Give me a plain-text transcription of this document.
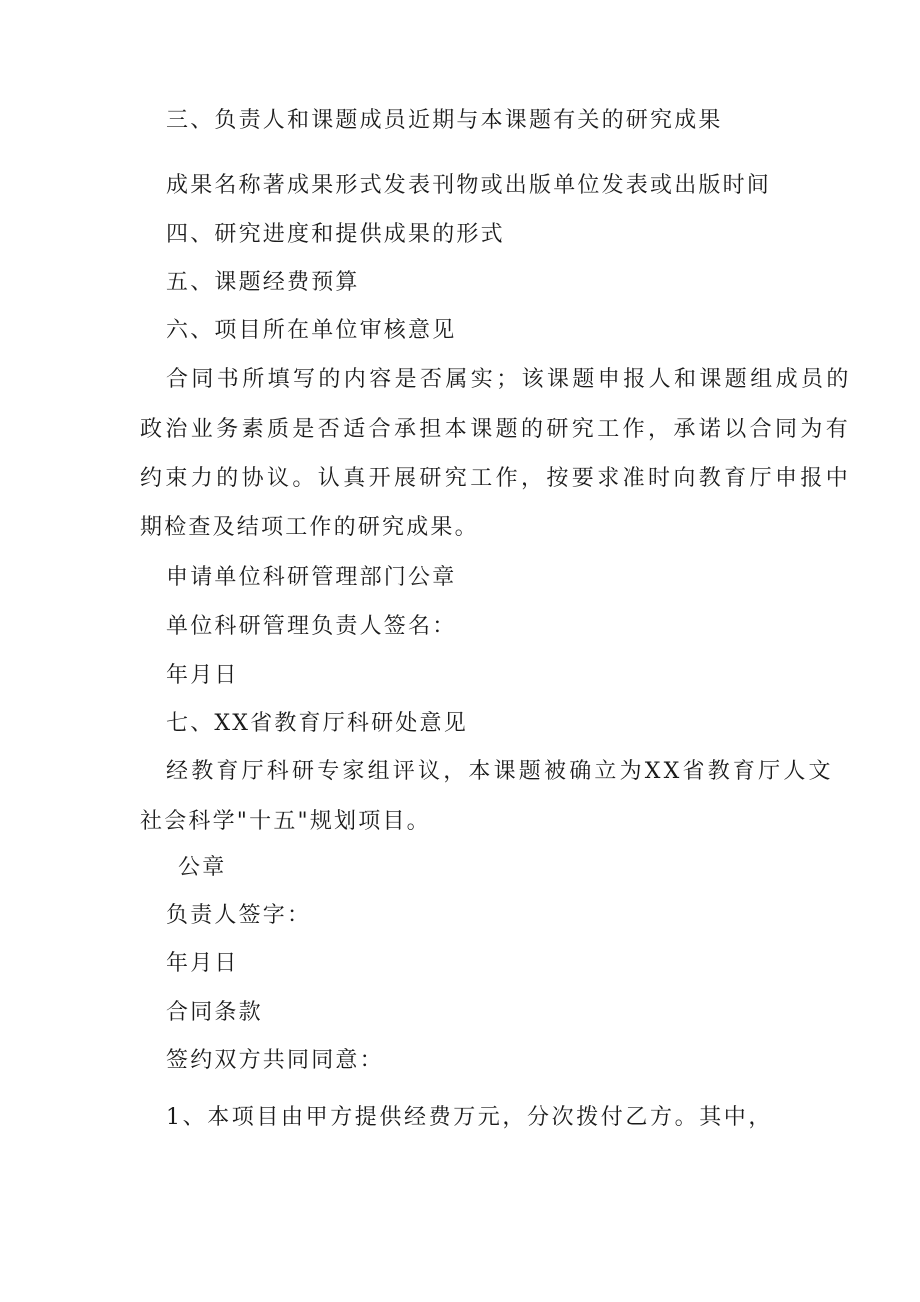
三、负责人和课题成员近期与本课题有关的研究成果
成果名称著成果形式发表刊物或出版单位发表或出版时间
四、研究进度和提供成果的形式
五、课题经费预算
六、项目所在单位审核意见
合同书所填写的内容是否属实；该课题申报人和课题组成员的
政治业务素质是否适合承担本课题的研究工作，承诺以合同为有
约束力的协议。认真开展研究工作，按要求准时向教育厅申报中
期检查及结项工作的研究成果。
申请单位科研管理部门公章
单位科研管理负责人签名：
年月日
七、XX省教育厅科研处意见
经教育厅科研专家组评议，本课题被确立为XX省教育厅人文
社会科学"十五"规划项目。
公章
负责人签字：
年月日
合同条款
签约双方共同同意：
1、本项目由甲方提供经费万元，分次拨付乙方。其中，
